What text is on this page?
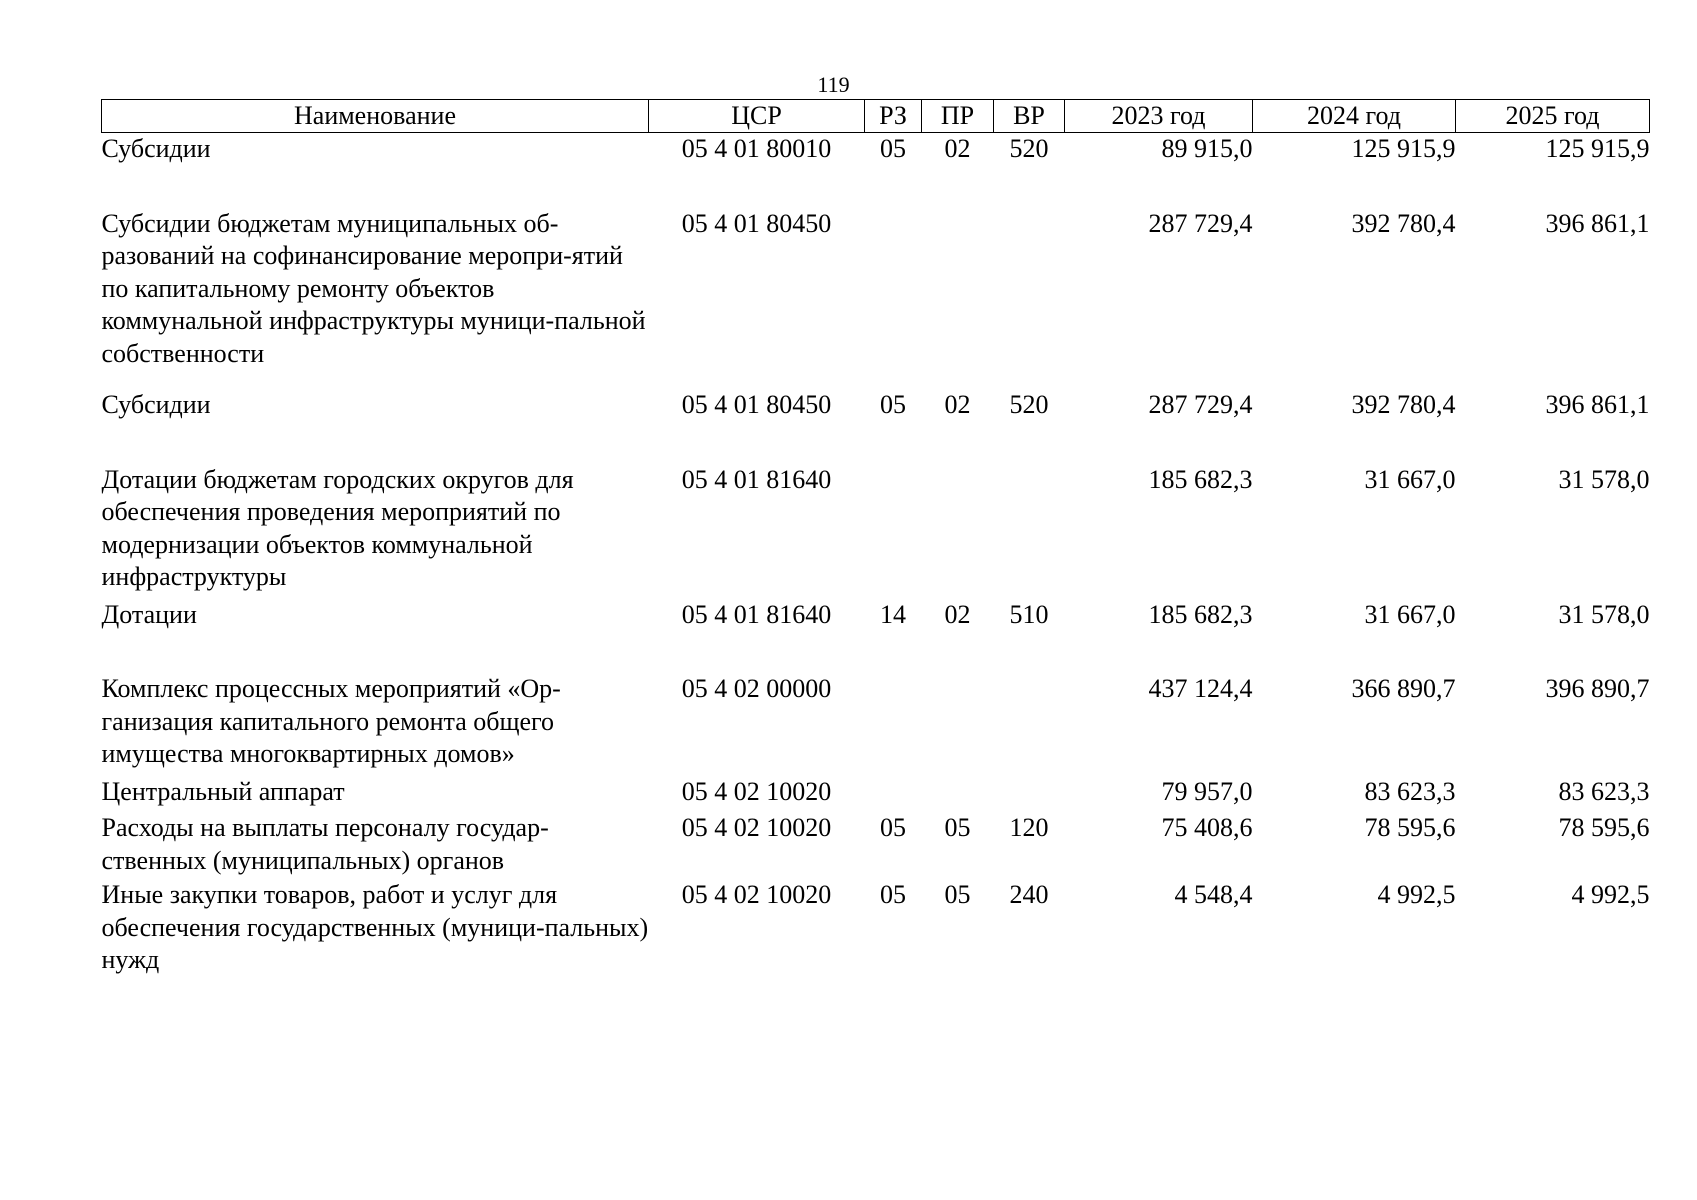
119
Наименование	ЦСР	РЗ	ПР	ВР	2023 год	2024 год	2025 год
Субсидии	05 4 01 80010	05	02	520	89 915,0	125 915,9	125 915,9
Субсидии бюджетам муниципальных об-разований на софинансирование меропри-ятий по капитальному ремонту объектов коммунальной инфраструктуры муници-пальной собственности	05 4 01 80450				287 729,4	392 780,4	396 861,1
Субсидии	05 4 01 80450	05	02	520	287 729,4	392 780,4	396 861,1
Дотации бюджетам городских округов для обеспечения проведения мероприятий по модернизации объектов коммунальной инфраструктуры	05 4 01 81640				185 682,3	31 667,0	31 578,0
Дотации	05 4 01 81640	14	02	510	185 682,3	31 667,0	31 578,0
Комплекс процессных мероприятий «Ор-ганизация капитального ремонта общего имущества многоквартирных домов»	05 4 02 00000				437 124,4	366 890,7	396 890,7
Центральный аппарат	05 4 02 10020				79 957,0	83 623,3	83 623,3
Расходы на выплаты персоналу государ-ственных (муниципальных) органов	05 4 02 10020	05	05	120	75 408,6	78 595,6	78 595,6
Иные закупки товаров, работ и услуг для обеспечения государственных (муници-пальных) нужд	05 4 02 10020	05	05	240	4 548,4	4 992,5	4 992,5
